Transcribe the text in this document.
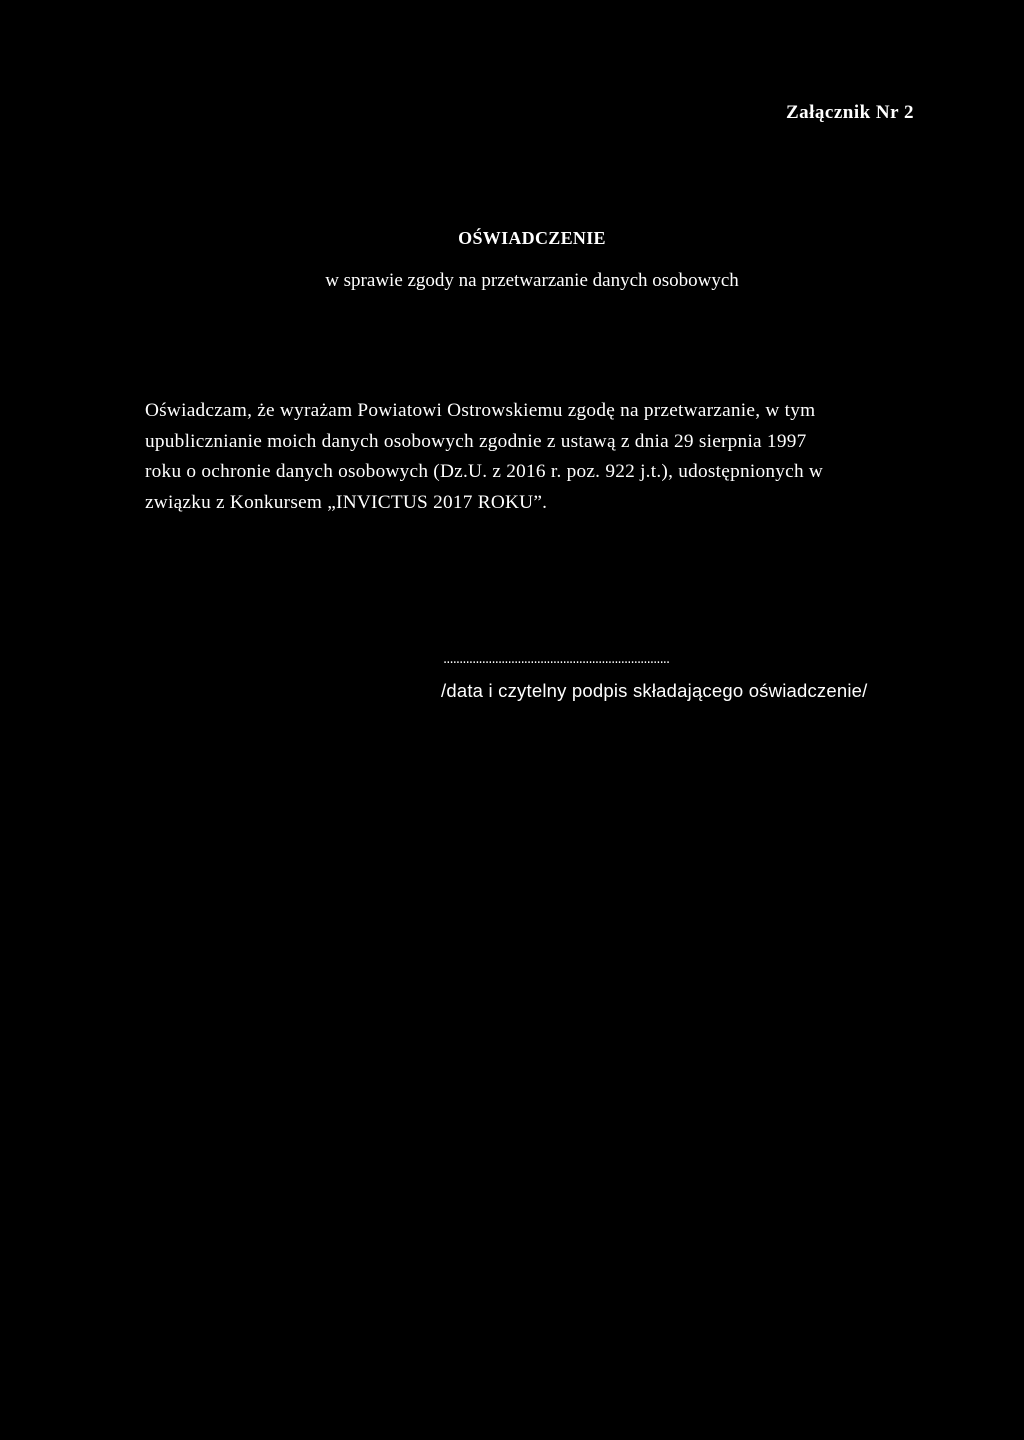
Załącznik Nr 2
OŚWIADCZENIE
w sprawie zgody na przetwarzanie danych osobowych

Oświadczam, że wyrażam Powiatowi Ostrowskiemu zgodę na przetwarzanie, w tym
upublicznianie moich danych osobowych zgodnie z ustawą z dnia 29 sierpnia 1997
roku o ochronie danych osobowych (Dz.U. z 2016 r. poz. 922 j.t.), udostępnionych w
związku z Konkursem „INVICTUS 2017 ROKU”.

......................................................................
/data i czytelny podpis składającego oświadczenie/
